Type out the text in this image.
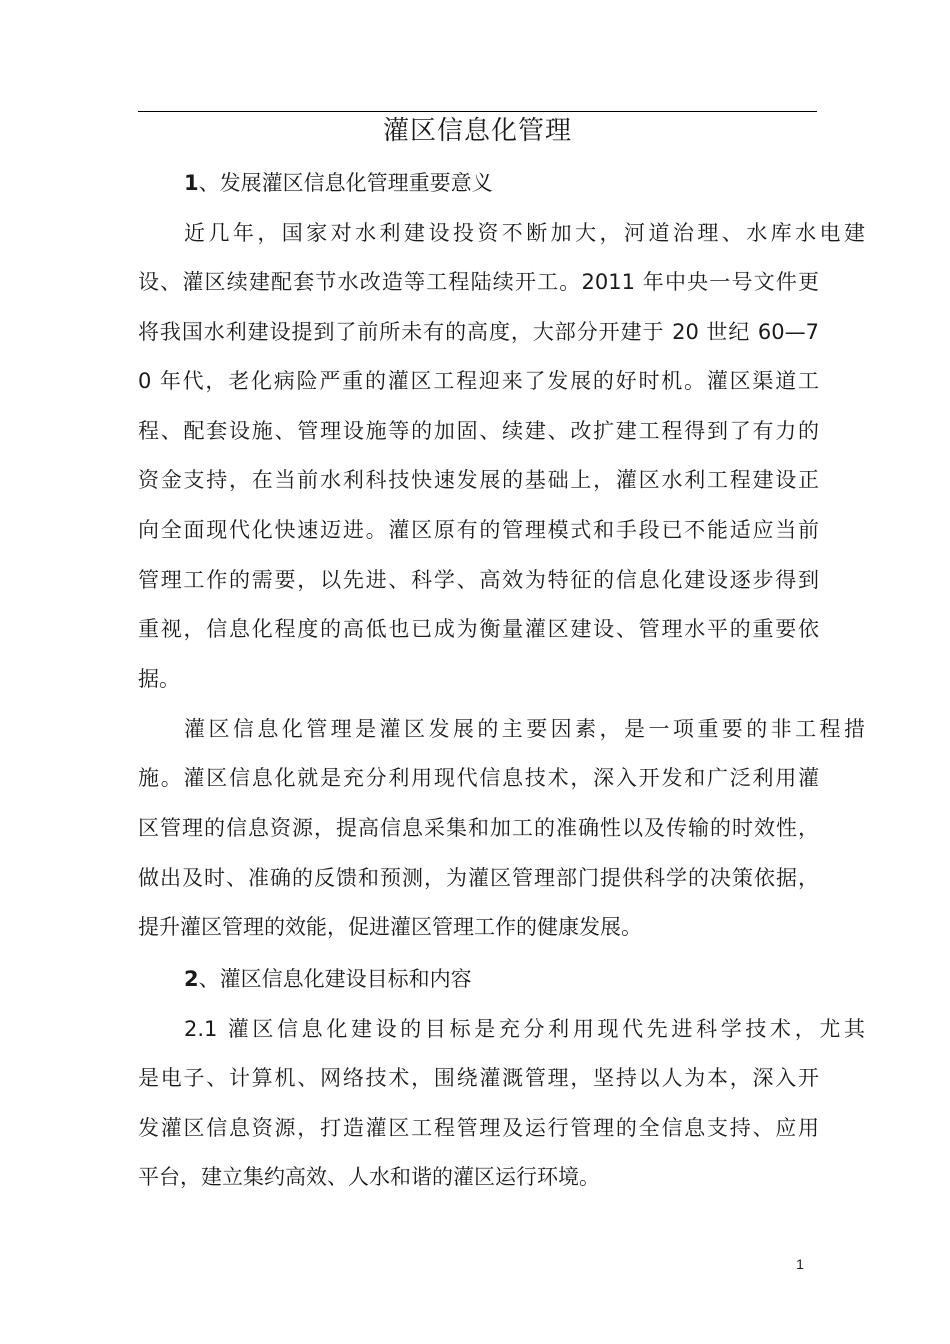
灌区信息化管理
1、发展灌区信息化管理重要意义
近几年，国家对水利建设投资不断加大，河道治理、水库水电建
设、灌区续建配套节水改造等工程陆续开工。2011 年中央一号文件更
将我国水利建设提到了前所未有的高度，大部分开建于 20 世纪 60—7
0 年代，老化病险严重的灌区工程迎来了发展的好时机。灌区渠道工
程、配套设施、管理设施等的加固、续建、改扩建工程得到了有力的
资金支持，在当前水利科技快速发展的基础上，灌区水利工程建设正
向全面现代化快速迈进。灌区原有的管理模式和手段已不能适应当前
管理工作的需要，以先进、科学、高效为特征的信息化建设逐步得到
重视，信息化程度的高低也已成为衡量灌区建设、管理水平的重要依
据。
灌区信息化管理是灌区发展的主要因素，是一项重要的非工程措
施。灌区信息化就是充分利用现代信息技术，深入开发和广泛利用灌
区管理的信息资源，提高信息采集和加工的准确性以及传输的时效性，
做出及时、准确的反馈和预测，为灌区管理部门提供科学的决策依据，
提升灌区管理的效能，促进灌区管理工作的健康发展。
2、灌区信息化建设目标和内容
2.1 灌区信息化建设的目标是充分利用现代先进科学技术，尤其
是电子、计算机、网络技术，围绕灌溉管理，坚持以人为本，深入开
发灌区信息资源，打造灌区工程管理及运行管理的全信息支持、应用
平台，建立集约高效、人水和谐的灌区运行环境。
1
